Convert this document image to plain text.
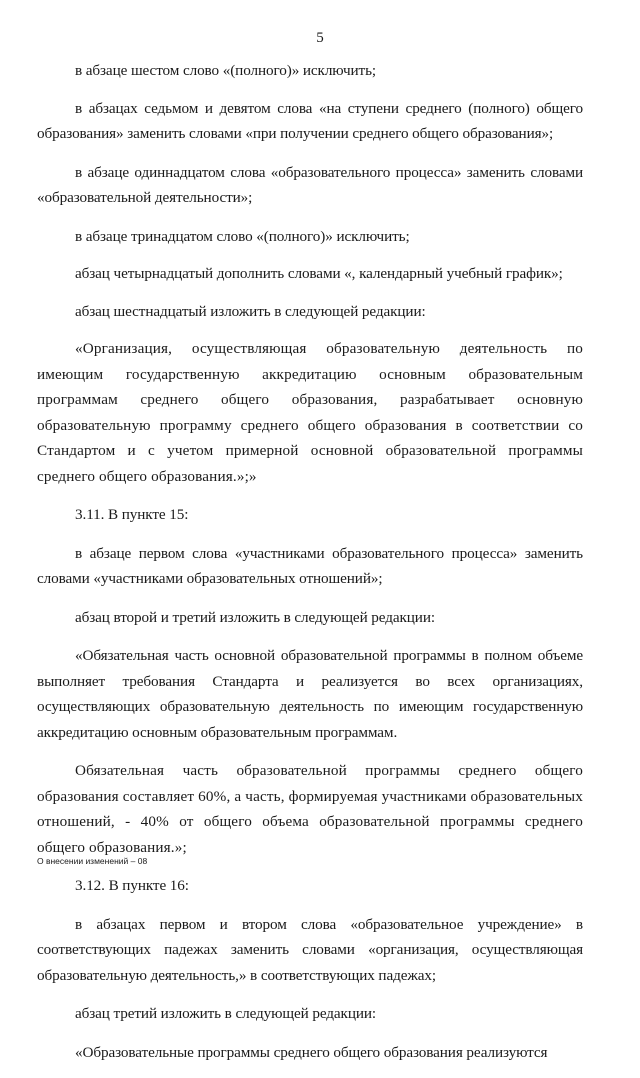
5

в абзаце шестом слово «(полного)» исключить;

в абзацах седьмом и девятом слова «на ступени среднего (полного) общего образования» заменить словами «при получении среднего общего образования»;

в абзаце одиннадцатом слова «образовательного процесса» заменить словами «образовательной деятельности»;

в абзаце тринадцатом слово «(полного)» исключить;

абзац четырнадцатый дополнить словами «, календарный учебный график»;

абзац шестнадцатый изложить в следующей редакции:

«Организация, осуществляющая образовательную деятельность по имеющим государственную аккредитацию основным образовательным программам среднего общего образования, разрабатывает основную образовательную программу среднего общего образования в соответствии со Стандартом и с учетом примерной основной образовательной программы среднего общего образования.»;»

3.11. В пункте 15:

в абзаце первом слова «участниками образовательного процесса» заменить словами «участниками образовательных отношений»;

абзац второй и третий изложить в следующей редакции:

«Обязательная часть основной образовательной программы в полном объеме выполняет требования Стандарта и реализуется во всех организациях, осуществляющих образовательную деятельность по имеющим государственную аккредитацию основным образовательным программам.

Обязательная часть образовательной программы среднего общего образования составляет 60%, а часть, формируемая участниками образовательных отношений, - 40% от общего объема образовательной программы среднего общего образования.»;

3.12. В пункте 16:

в абзацах первом и втором слова «образовательное учреждение» в соответствующих падежах заменить словами «организация, осуществляющая образовательную деятельность,» в соответствующих падежах;

абзац третий изложить в следующей редакции:

«Образовательные программы среднего общего образования реализуются

О внесении изменений – 08
